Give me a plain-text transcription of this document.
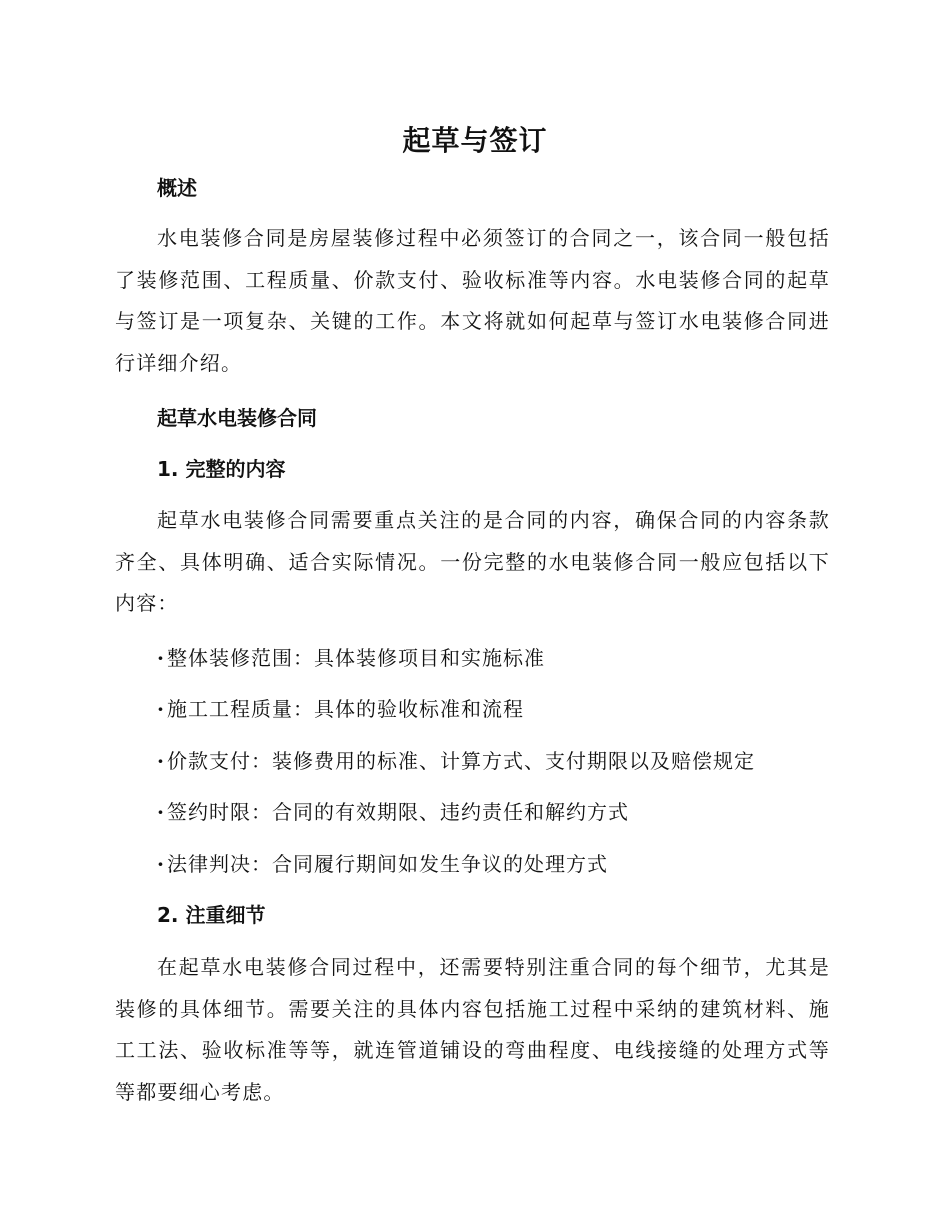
起草与签订
概述
水电装修合同是房屋装修过程中必须签订的合同之一，该合同一般包括了装修范围、工程质量、价款支付、验收标准等内容。水电装修合同的起草与签订是一项复杂、关键的工作。本文将就如何起草与签订水电装修合同进行详细介绍。
起草水电装修合同
1. 完整的内容
起草水电装修合同需要重点关注的是合同的内容，确保合同的内容条款齐全、具体明确、适合实际情况。一份完整的水电装修合同一般应包括以下内容：
· 整体装修范围：具体装修项目和实施标准
· 施工工程质量：具体的验收标准和流程
· 价款支付：装修费用的标准、计算方式、支付期限以及赔偿规定
· 签约时限：合同的有效期限、违约责任和解约方式
· 法律判决：合同履行期间如发生争议的处理方式
2. 注重细节
在起草水电装修合同过程中，还需要特别注重合同的每个细节，尤其是装修的具体细节。需要关注的具体内容包括施工过程中采纳的建筑材料、施工工法、验收标准等等，就连管道铺设的弯曲程度、电线接缝的处理方式等等都要细心考虑。
